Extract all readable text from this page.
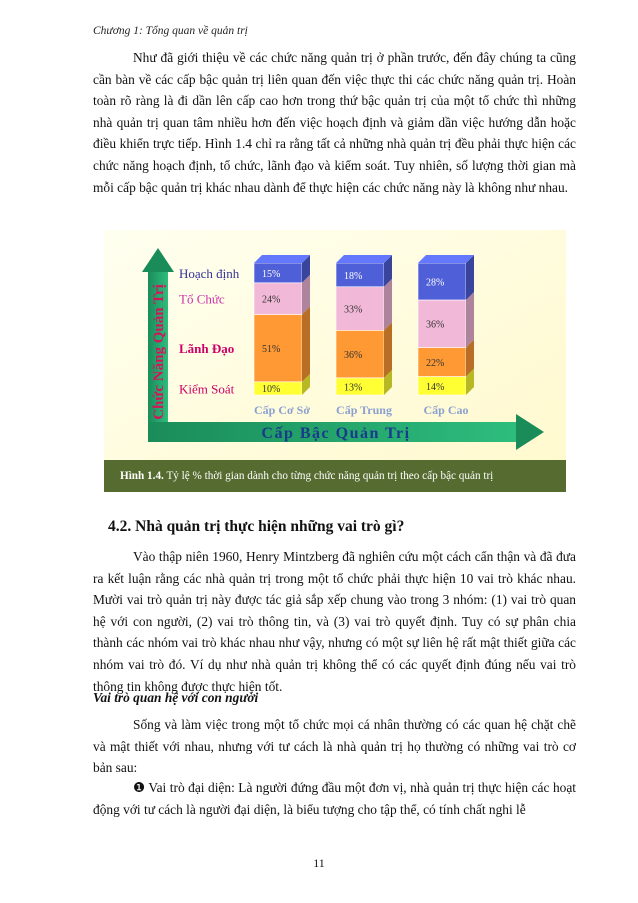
Chương 1: Tổng quan về quản trị

Như đã giới thiệu về các chức năng quản trị ở phần trước, đến đây chúng ta cũng cần bàn về các cấp bậc quản trị liên quan đến việc thực thi các chức năng quản trị. Hoàn toàn rõ ràng là đi dần lên cấp cao hơn trong thứ bậc quản trị của một tổ chức thì những nhà quản trị quan tâm nhiều hơn đến việc hoạch định và giảm dần việc hướng dẫn hoặc điều khiển trực tiếp. Hình 1.4 chỉ ra rằng tất cả những nhà quản trị đều phải thực hiện các chức năng hoạch định, tổ chức, lãnh đạo và kiểm soát. Tuy nhiên, số lượng thời gian mà mỗi cấp bậc quản trị khác nhau dành để thực hiện các chức năng này là không như nhau.

Chức Năng Quản Trị
Cấp Bậc Quản Trị
Kiểm Soát
Lãnh Đạo
Tổ Chức
Hoạch định
10%
51%
24%
15%
13%
36%
33%
18%
14%
22%
36%
28%
Cấp Cơ Sở Cấp Trung	Cấp Cao
Hình 1.4. Tỷ lệ % thời gian dành cho từng chức năng quản trị theo cấp bậc quản trị
4.2. Nhà quản trị thực hiện những vai trò gì?

Vào thập niên 1960, Henry Mintzberg đã nghiên cứu một cách cẩn thận và đã đưa ra kết luận rằng các nhà quản trị trong một tổ chức phải thực hiện 10 vai trò khác nhau. Mười vai trò quản trị này được tác giả sắp xếp chung vào trong 3 nhóm: (1) vai trò quan hệ với con người, (2) vai trò thông tin, và (3) vai trò quyết định. Tuy có sự phân chia thành các nhóm vai trò khác nhau như vậy, nhưng có một sự liên hệ rất mật thiết giữa các nhóm vai trò đó. Ví dụ như nhà quản trị không thể có các quyết định đúng nếu vai trò thông tin không được thực hiện tốt.

Vai trò quan hệ với con người

Sống và làm việc trong một tổ chức mọi cá nhân thường có các quan hệ chặt chẽ và mật thiết với nhau, nhưng với tư cách là nhà quản trị họ thường có những vai trò cơ bản sau:

❶ Vai trò đại diện: Là người đứng đầu một đơn vị, nhà quản trị thực hiện các hoạt động với tư cách là người đại diện, là biểu tượng cho tập thể, có tính chất nghi lễ

11
